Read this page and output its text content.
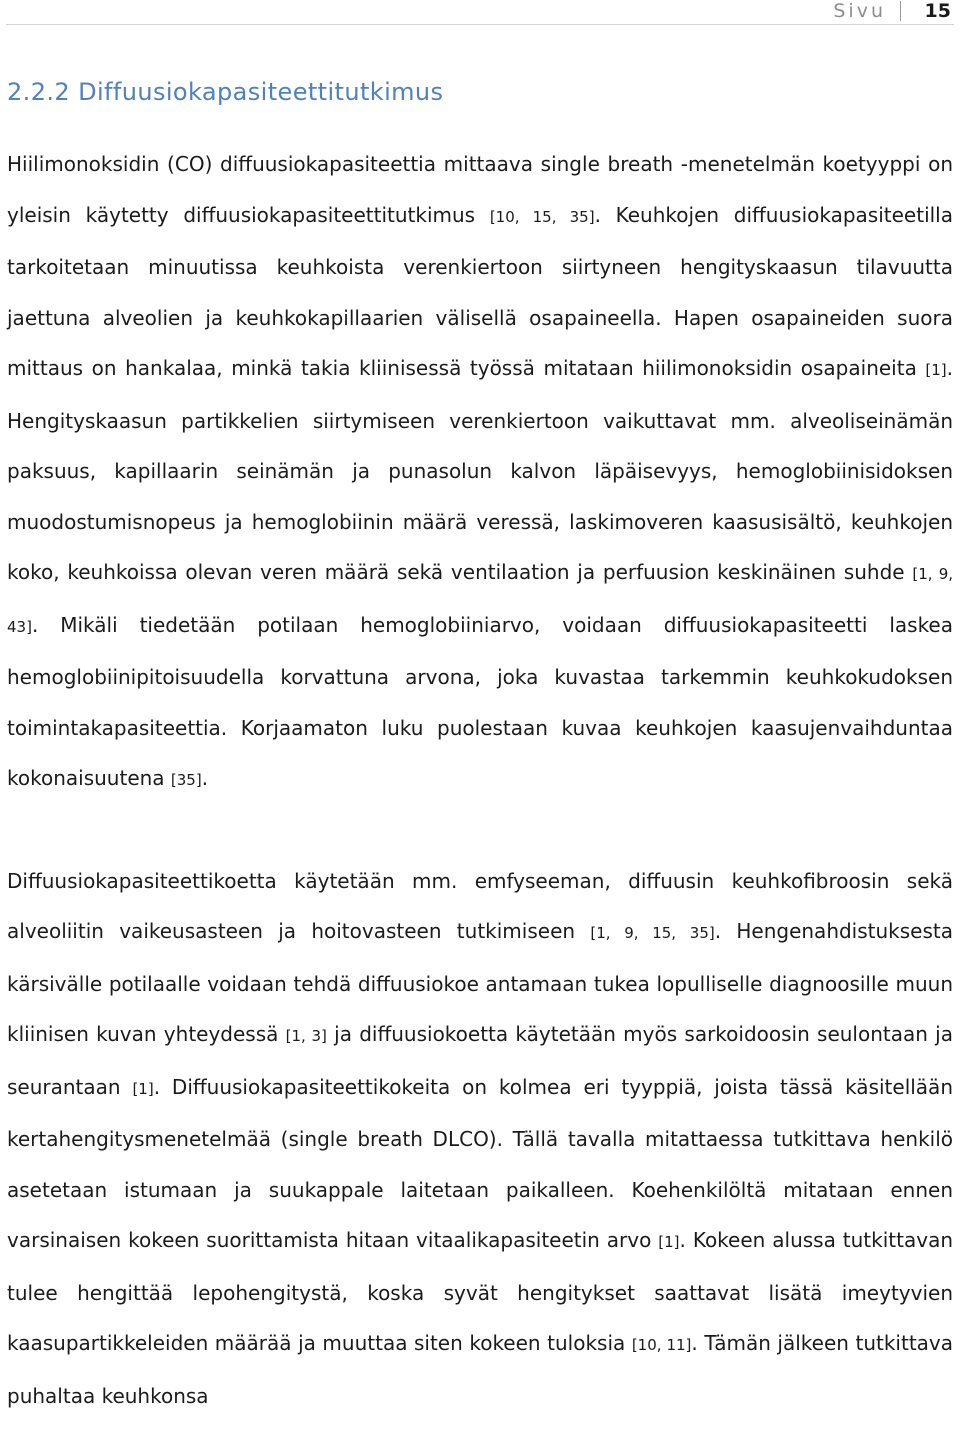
Sivu 15
2.2.2 Diffuusiokapasiteettitutkimus

Hiilimonoksidin (CO) diffuusiokapasiteettia mittaava single breath -menetelmän koetyyppi on yleisin käytetty diffuusiokapasiteettitutkimus [10, 15, 35]. Keuhkojen diffuusiokapasiteetilla tarkoitetaan minuutissa keuhkoista verenkiertoon siirtyneen hengityskaasun tilavuutta jaettuna alveolien ja keuhkokapillaarien välisellä osapaineella. Hapen osapaineiden suora mittaus on hankalaa, minkä takia kliinisessä työssä mitataan hiilimonoksidin osapaineita [1]. Hengityskaasun partikkelien siirtymiseen verenkiertoon vaikuttavat mm. alveoliseinämän paksuus, kapillaarin seinämän ja punasolun kalvon läpäisevyys, hemoglobiinisidoksen muodostumisnopeus ja hemoglobiinin määrä veressä, laskimoveren kaasusisältö, keuhkojen koko, keuhkoissa olevan veren määrä sekä ventilaation ja perfuusion keskinäinen suhde [1, 9, 43]. Mikäli tiedetään potilaan hemoglobiiniarvo, voidaan diffuusiokapasiteetti laskea hemoglobiinipitoisuudella korvattuna arvona, joka kuvastaa tarkemmin keuhkokudoksen toimintakapasiteettia. Korjaamaton luku puolestaan kuvaa keuhkojen kaasujenvaihduntaa kokonaisuutena [35].

Diffuusiokapasiteettikoetta käytetään mm. emfyseeman, diffuusin keuhkofibroosin sekä alveoliitin vaikeusasteen ja hoitovasteen tutkimiseen [1, 9, 15, 35]. Hengenahdistuksesta kärsivälle potilaalle voidaan tehdä diffuusiokoe antamaan tukea lopulliselle diagnoosille muun kliinisen kuvan yhteydessä [1, 3] ja diffuusiokoetta käytetään myös sarkoidoosin seulontaan ja seurantaan [1]. Diffuusiokapasiteettikokeita on kolmea eri tyyppiä, joista tässä käsitellään kertahengitysmenetelmää (single breath DLCO). Tällä tavalla mitattaessa tutkittava henkilö asetetaan istumaan ja suukappale laitetaan paikalleen. Koehenkilöltä mitataan ennen varsinaisen kokeen suorittamista hitaan vitaalikapasiteetin arvo [1]. Kokeen alussa tutkittavan tulee hengittää lepohengitystä, koska syvät hengitykset saattavat lisätä imeytyvien kaasupartikkeleiden määrää ja muuttaa siten kokeen tuloksia [10, 11]. Tämän jälkeen tutkittava puhaltaa keuhkonsa
